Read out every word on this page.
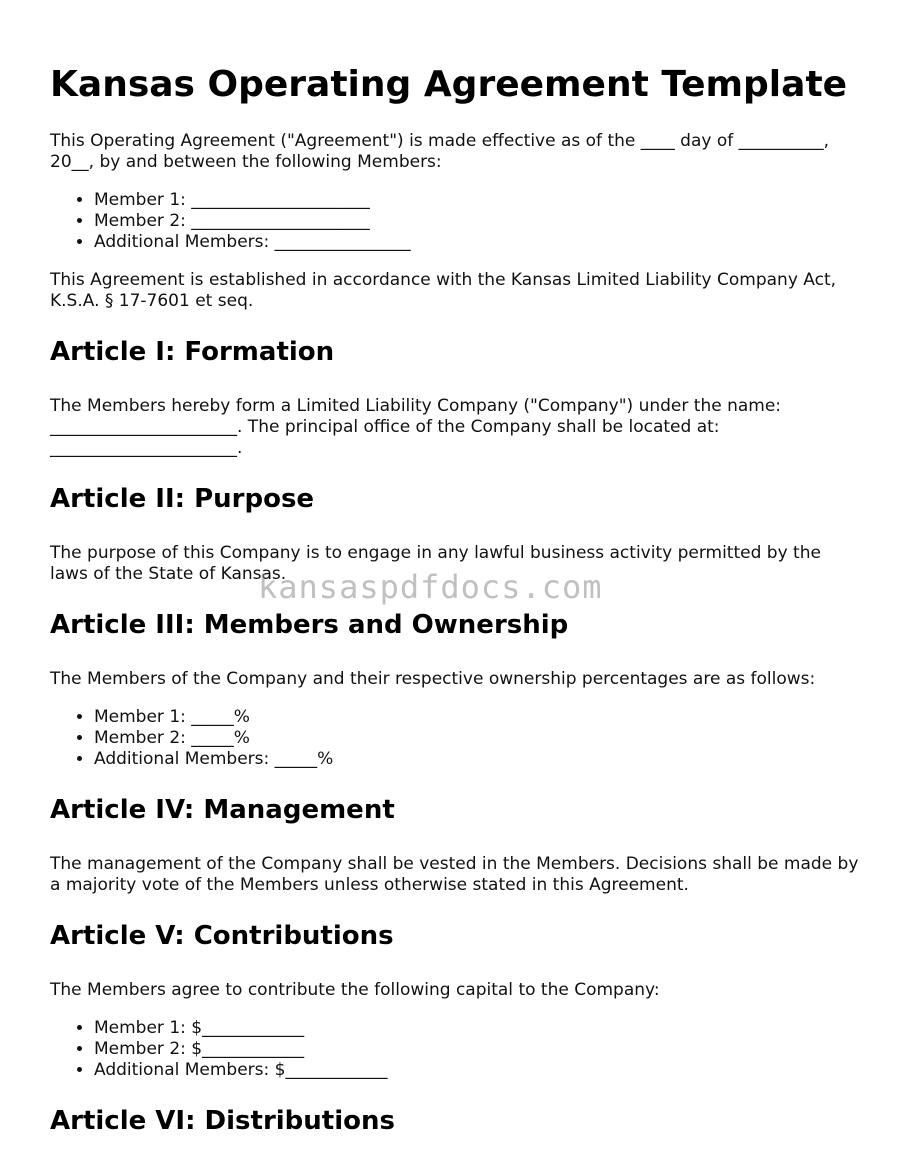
Kansas Operating Agreement Template

This Operating Agreement ("Agreement") is made effective as of the ____ day of __________, 20__, by and between the following Members:

• Member 1: _____________________
• Member 2: _____________________
• Additional Members: ________________

This Agreement is established in accordance with the Kansas Limited Liability Company Act, K.S.A. § 17-7601 et seq.

Article I: Formation

The Members hereby form a Limited Liability Company ("Company") under the name: ______________________. The principal office of the Company shall be located at: ______________________.

Article II: Purpose

The purpose of this Company is to engage in any lawful business activity permitted by the laws of the State of Kansas.

Article III: Members and Ownership

The Members of the Company and their respective ownership percentages are as follows:

• Member 1: _____%
• Member 2: _____%
• Additional Members: _____%
Article IV: Management

The management of the Company shall be vested in the Members. Decisions shall be made by a majority vote of the Members unless otherwise stated in this Agreement.

Article V: Contributions

The Members agree to contribute the following capital to the Company:

• Member 1: $____________
• Member 2: $____________
• Additional Members: $____________
Article VI: Distributions
kansaspdfdocs.com
